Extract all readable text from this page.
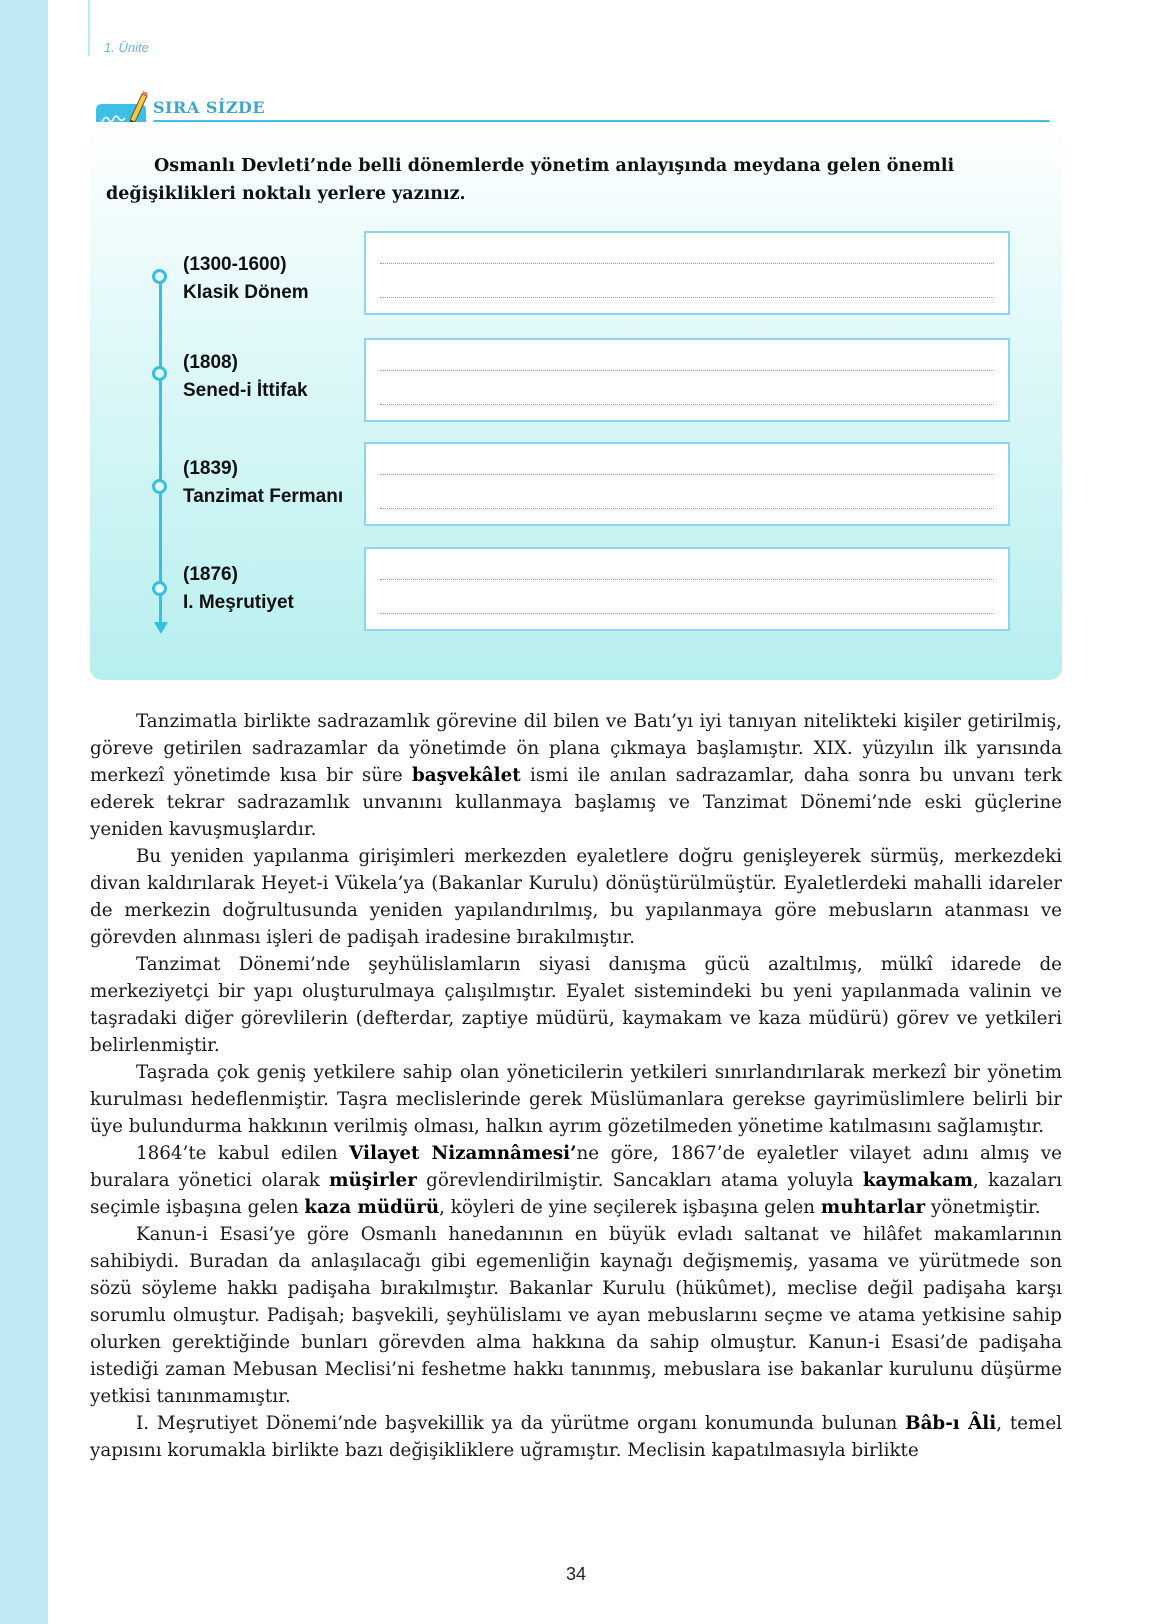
1. Ünite
SIRA SİZDE

Osmanlı Devleti’nde belli dönemlerde yönetim anlayışında meydana gelen önemli değişiklikleri noktalı yerlere yazınız.

(1300-1600)
Klasik Dönem
(1808)
Sened-i İttifak
(1839)
Tanzimat Fermanı
(1876)
I. Meşrutiyet

Tanzimatla birlikte sadrazamlık görevine dil bilen ve Batı’yı iyi tanıyan nitelikteki kişiler getirilmiş, göreve getirilen sadrazamlar da yönetimde ön plana çıkmaya başlamıştır. XIX. yüzyılın ilk yarısında merkezî yönetimde kısa bir süre başvekâlet ismi ile anılan sadrazamlar, daha sonra bu unvanı terk ederek tekrar sadrazamlık unvanını kullanmaya başlamış ve Tanzimat Dönemi’nde eski güçlerine yeniden kavuşmuşlardır.

Bu yeniden yapılanma girişimleri merkezden eyaletlere doğru genişleyerek sürmüş, merkezdeki divan kaldırılarak Heyet-i Vükela’ya (Bakanlar Kurulu) dönüştürülmüştür. Eyaletlerdeki mahalli idareler de merkezin doğrultusunda yeniden yapılandırılmış, bu yapılanmaya göre mebusların atanması ve görevden alınması işleri de padişah iradesine bırakılmıştır.

Tanzimat Dönemi’nde şeyhülislamların siyasi danışma gücü azaltılmış, mülkî idarede de merkeziyetçi bir yapı oluşturulmaya çalışılmıştır. Eyalet sistemindeki bu yeni yapılanmada valinin ve taşradaki diğer görevlilerin (defterdar, zaptiye müdürü, kaymakam ve kaza müdürü) görev ve yetkileri belirlenmiştir.

Taşrada çok geniş yetkilere sahip olan yöneticilerin yetkileri sınırlandırılarak merkezî bir yönetim kurulması hedeflenmiştir. Taşra meclislerinde gerek Müslümanlara gerekse gayrimüslimlere belirli bir üye bulundurma hakkının verilmiş olması, halkın ayrım gözetilmeden yönetime katılmasını sağlamıştır.

1864’te kabul edilen Vilayet Nizamnâmesi’ne göre, 1867’de eyaletler vilayet adını almış ve buralara yönetici olarak müşirler görevlendirilmiştir. Sancakları atama yoluyla kaymakam, kazaları seçimle işbaşına gelen kaza müdürü, köyleri de yine seçilerek işbaşına gelen muhtarlar yönetmiştir.

Kanun-i Esasi’ye göre Osmanlı hanedanının en büyük evladı saltanat ve hilâfet makamlarının sahibiydi. Buradan da anlaşılacağı gibi egemenliğin kaynağı değişmemiş, yasama ve yürütmede son sözü söyleme hakkı padişaha bırakılmıştır. Bakanlar Kurulu (hükûmet), meclise değil padişaha karşı sorumlu olmuştur. Padişah; başvekili, şeyhülislamı ve ayan mebuslarını seçme ve atama yetkisine sahip olurken gerektiğinde bunları görevden alma hakkına da sahip olmuştur. Kanun-i Esasi’de padişaha istediği zaman Mebusan Meclisi’ni feshetme hakkı tanınmış, mebuslara ise bakanlar kurulunu düşürme yetkisi tanınmamıştır.

I. Meşrutiyet Dönemi’nde başvekillik ya da yürütme organı konumunda bulunan Bâb-ı Âli, temel yapısını korumakla birlikte bazı değişikliklere uğramıştır. Meclisin kapatılmasıyla birlikte

34
